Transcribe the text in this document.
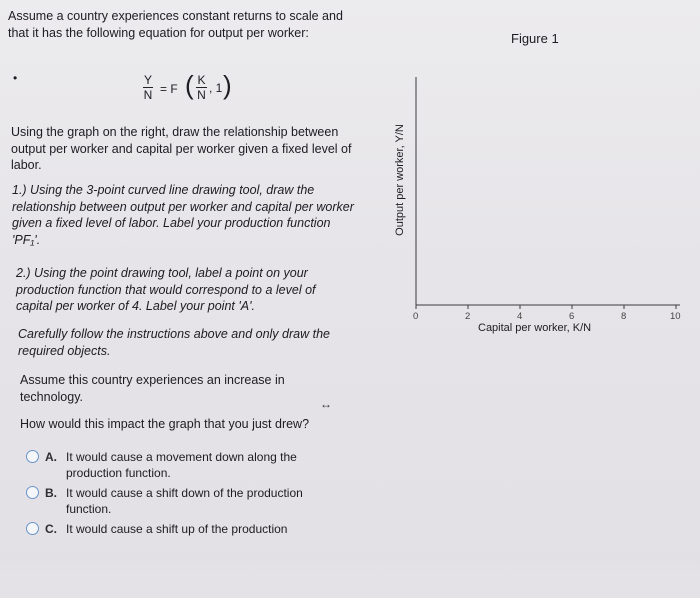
Assume a country experiences constant returns to scale and that it has the following equation for output per worker:
•	$\frac{Y}{N} = F$ ( $\frac{K}{N}$ , 1 )
Using the graph on the right, draw the relationship between output per worker and capital per worker given a fixed level of labor.
1.) Using the 3-point curved line drawing tool, draw the relationship between output per worker and capital per worker given a fixed level of labor. Label your production function 'PF₁'.
2.) Using the point drawing tool, label a point on your production function that would correspond to a level of capital per worker of 4. Label your point 'A'.
Carefully follow the instructions above and only draw the required objects.
Assume this country experiences an increase in technology.
↔
How would this impact the graph that you just drew?
A. It would cause a movement down along the production function.
B. It would cause a shift down of the production function.
C. It would cause a shift up of the production
Figure 1
Output per worker, Y/N
Capital per worker, K/N
0	2	4	6	8	10
